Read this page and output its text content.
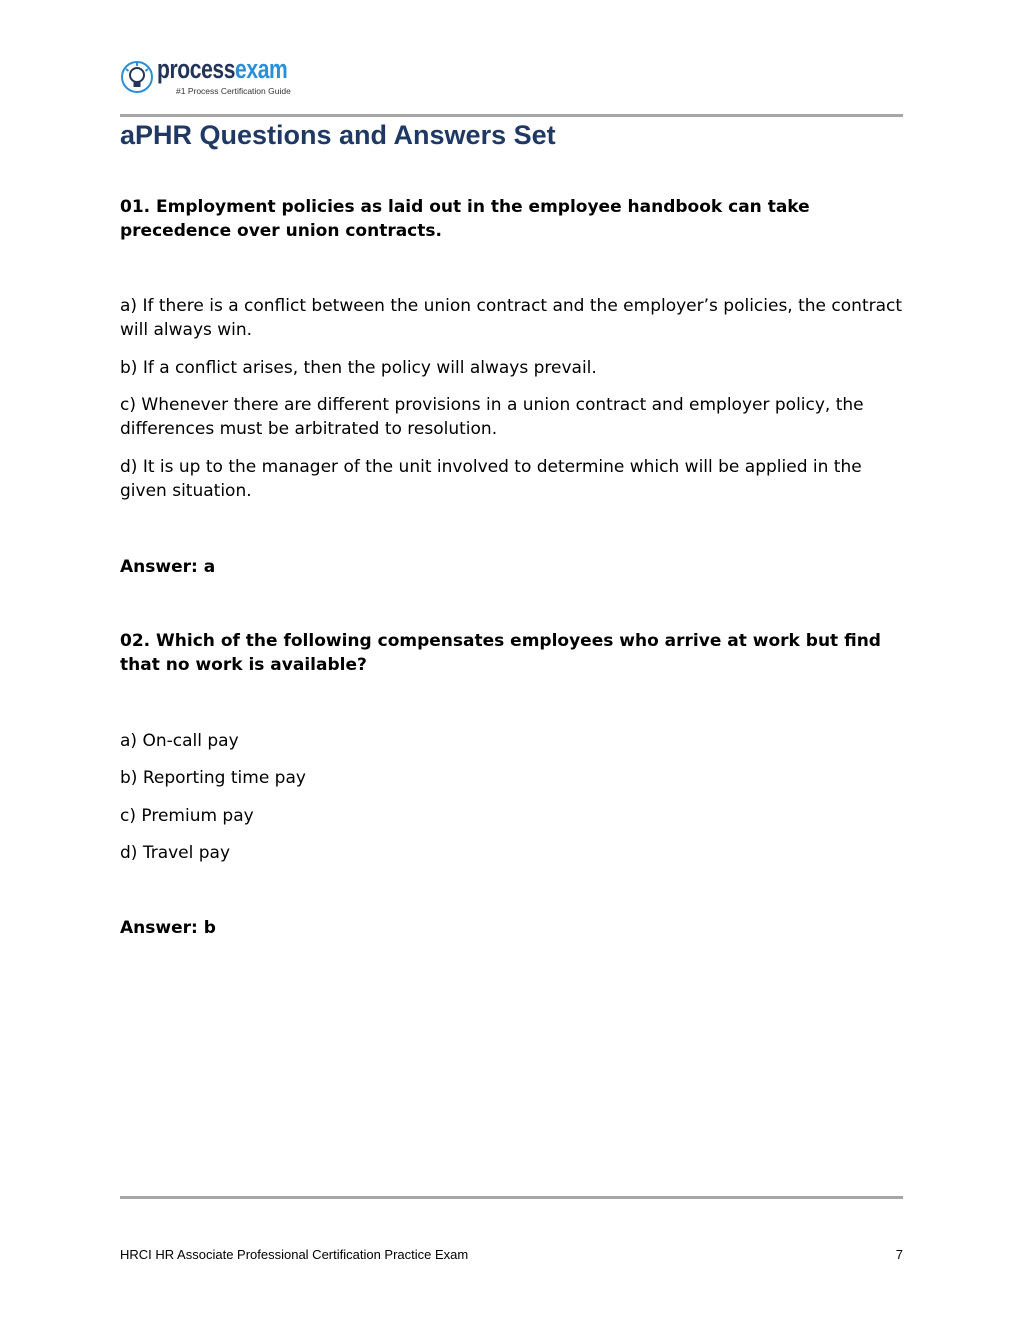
processexam
#1 Process Certification Guide
aPHR Questions and Answers Set

01. Employment policies as laid out in the employee handbook can take precedence over union contracts.

a) If there is a conflict between the union contract and the employer’s policies, the contract will always win.

b) If a conflict arises, then the policy will always prevail.

c) Whenever there are different provisions in a union contract and employer policy, the differences must be arbitrated to resolution.

d) It is up to the manager of the unit involved to determine which will be applied in the given situation.

Answer: a

02. Which of the following compensates employees who arrive at work but find that no work is available?

a) On-call pay

b) Reporting time pay

c) Premium pay

d) Travel pay

Answer: b

HRCI HR Associate Professional Certification Practice Exam	7
